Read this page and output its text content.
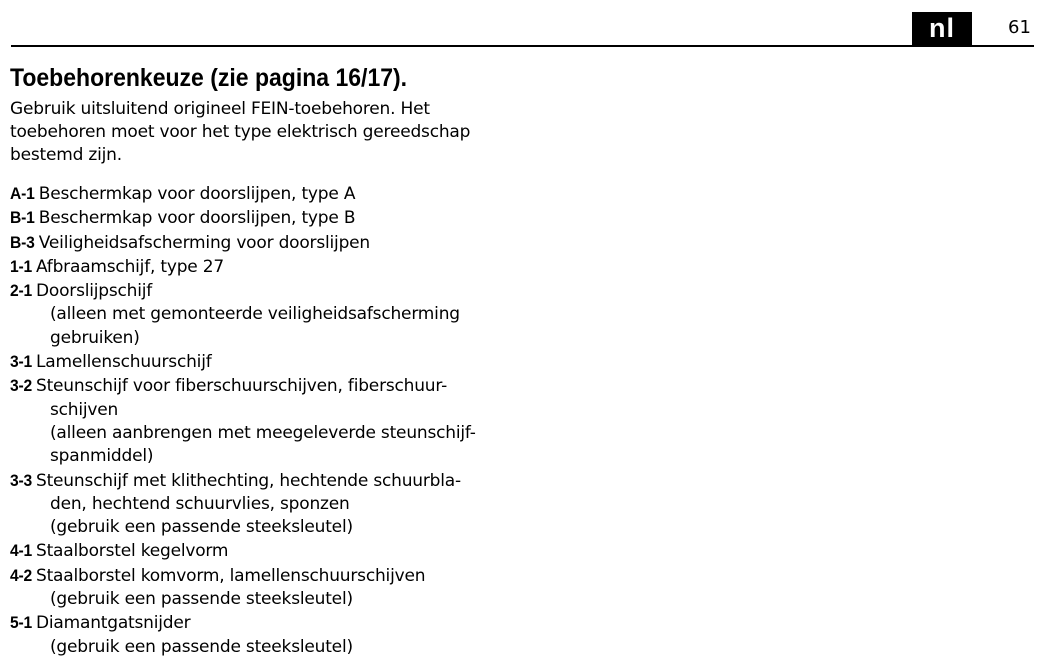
nl	61
Toebehorenkeuze (zie pagina 16/17).

Gebruik uitsluitend origineel FEIN-toebehoren. Het
toebehoren moet voor het type elektrisch gereedschap
bestemd zijn.

A-1 Beschermkap voor doorslijpen, type A
B-1 Beschermkap voor doorslijpen, type B
B-3 Veiligheidsafscherming voor doorslijpen
1-1 Afbraamschijf, type 27
2-1 Doorslijpschijf
(alleen met gemonteerde veiligheidsafscherming
gebruiken)
3-1 Lamellenschuurschijf
3-2 Steunschijf voor fiberschuurschijven, fiberschuur-
schijven
(alleen aanbrengen met meegeleverde steunschijf-
spanmiddel)
3-3 Steunschijf met klithechting, hechtende schuurbla-
den, hechtend schuurvlies, sponzen
(gebruik een passende steeksleutel)
4-1 Staalborstel kegelvorm
4-2 Staalborstel komvorm, lamellenschuurschijven
(gebruik een passende steeksleutel)
5-1 Diamantgatsnijder
(gebruik een passende steeksleutel)
